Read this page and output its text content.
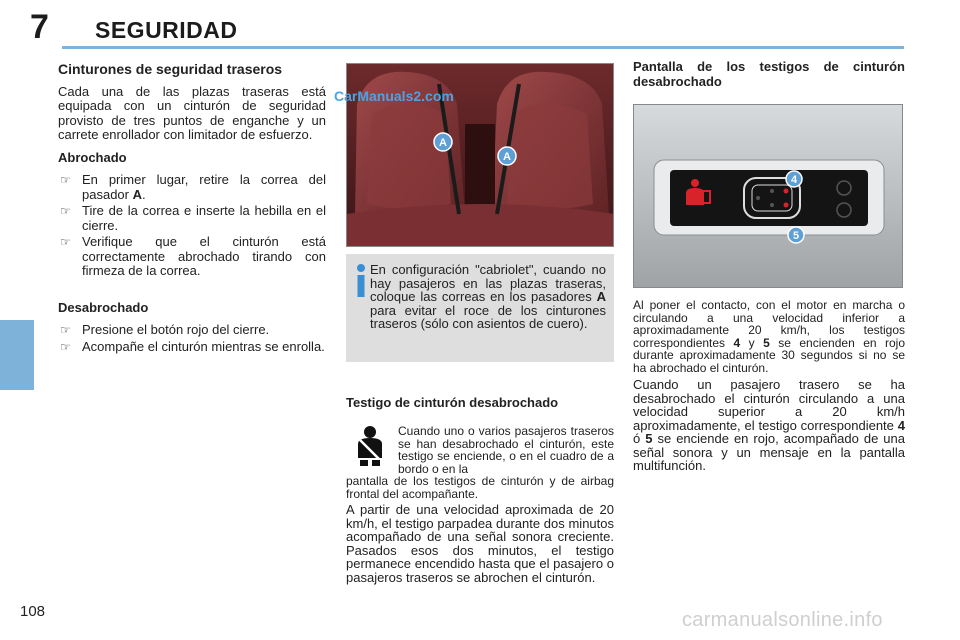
7 SEGURIDAD
Cinturones de seguridad traseros

Cada una de las plazas traseras está equipada con un cinturón de seguridad provisto de tres puntos de enganche y un carrete enrollador con limitador de esfuerzo.

Abrochado
☞ En primer lugar, retire la correa del pasador A.
☞ Tire de la correa e inserte la hebilla en el cierre.
☞ Verifique que el cinturón está correctamente abrochado tirando con firmeza de la correa.
Desabrochado
☞ Presione el botón rojo del cierre.
☞ Acompañe el cinturón mientras se enrolla.
A
A
CarManuals2.com
En configuración "cabriolet", cuando no hay pasajeros en las plazas traseras, coloque las correas en los pasadores A para evitar el roce de los cinturones traseros (sólo con asientos de cuero).
Testigo de cinturón desabrochado
Cuando uno o varios pasajeros traseros se han desabrochado el cinturón, este testigo se enciende, o en el cuadro de a bordo o en la
pantalla de los testigos de cinturón y de airbag frontal del acompañante.
A partir de una velocidad aproximada de 20 km/h, el testigo parpadea durante dos minutos acompañado de una señal sonora creciente. Pasados esos dos minutos, el testigo permanece encendido hasta que el pasajero o pasajeros traseros se abrochen el cinturón.
Pantalla de los testigos de cinturón desabrochado
4
5
Al poner el contacto, con el motor en marcha o circulando a una velocidad inferior a aproximadamente 20 km/h, los testigos correspondientes 4 y 5 se encienden en rojo durante aproximadamente 30 segundos si no se ha abrochado el cinturón.
Cuando un pasajero trasero se ha desabrochado el cinturón circulando a una velocidad superior a 20 km/h aproximadamente, el testigo correspondiente 4 ó 5 se enciende en rojo, acompañado de una señal sonora y un mensaje en la pantalla multifunción.
108	carmanualsonline.info
